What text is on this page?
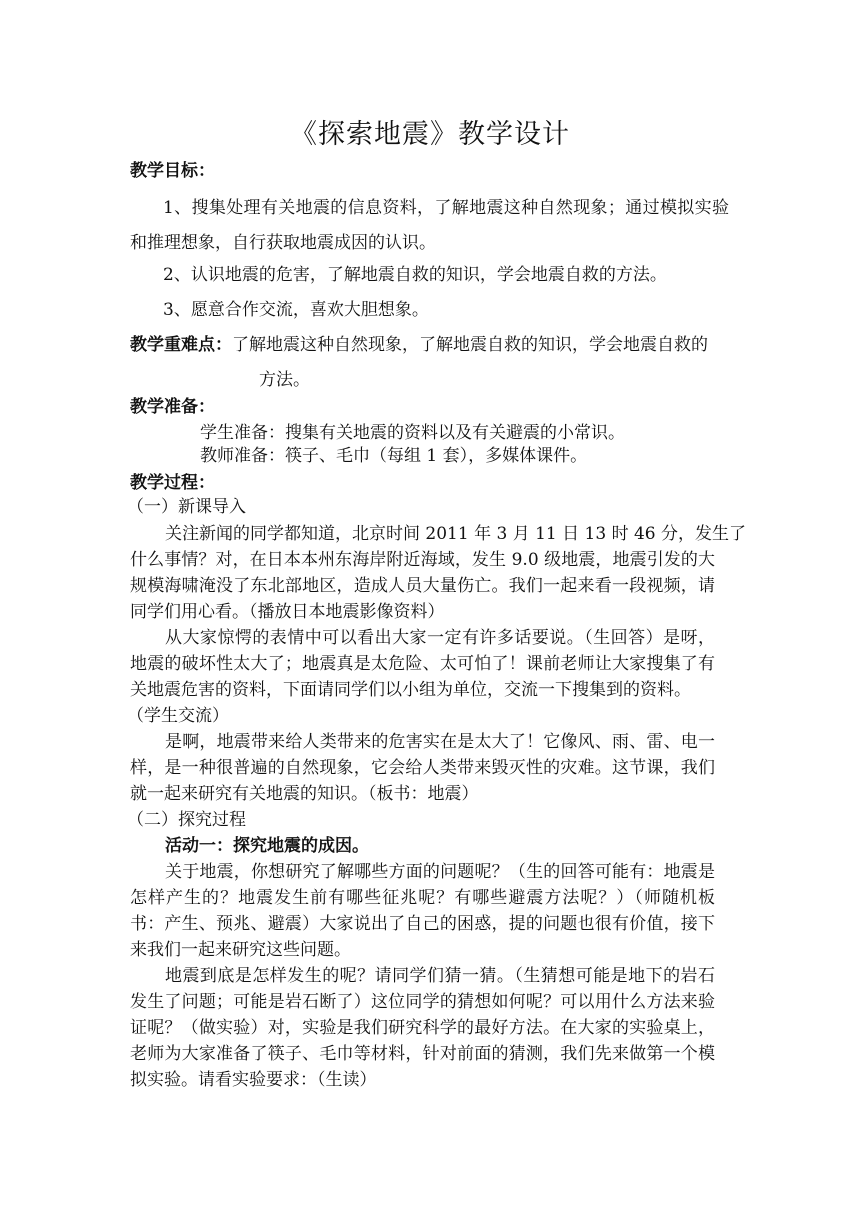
《探索地震》教学设计
教学目标：
1、搜集处理有关地震的信息资料，了解地震这种自然现象；通过模拟实验
和推理想象，自行获取地震成因的认识。
2、认识地震的危害，了解地震自救的知识，学会地震自救的方法。
3、愿意合作交流，喜欢大胆想象。
教学重难点：了解地震这种自然现象，了解地震自救的知识，学会地震自救的
方法。
教学准备：
学生准备：搜集有关地震的资料以及有关避震的小常识。
教师准备：筷子、毛巾（每组 1 套），多媒体课件。
教学过程：
（一）新课导入
关注新闻的同学都知道，北京时间 2011 年 3 月 11 日 13 时 46 分，发生了
什么事情？对，在日本本州东海岸附近海域，发生 9.0 级地震，地震引发的大
规模海啸淹没了东北部地区，造成人员大量伤亡。我们一起来看一段视频，请
同学们用心看。（播放日本地震影像资料）
从大家惊愕的表情中可以看出大家一定有许多话要说。（生回答）是呀，
地震的破坏性太大了；地震真是太危险、太可怕了！课前老师让大家搜集了有
关地震危害的资料，下面请同学们以小组为单位，交流一下搜集到的资料。
（学生交流）
是啊，地震带来给人类带来的危害实在是太大了！它像风、雨、雷、电一
样，是一种很普遍的自然现象，它会给人类带来毁灭性的灾难。这节课，我们
就一起来研究有关地震的知识。（板书：地震）
（二）探究过程
活动一：探究地震的成因。
关于地震，你想研究了解哪些方面的问题呢？（生的回答可能有：地震是
怎样产生的？地震发生前有哪些征兆呢？有哪些避震方法呢？）（师随机板
书：产生、预兆、避震）大家说出了自己的困惑，提的问题也很有价值，接下
来我们一起来研究这些问题。
地震到底是怎样发生的呢？请同学们猜一猜。（生猜想可能是地下的岩石
发生了问题；可能是岩石断了）这位同学的猜想如何呢？可以用什么方法来验
证呢？（做实验）对，实验是我们研究科学的最好方法。在大家的实验桌上，
老师为大家准备了筷子、毛巾等材料，针对前面的猜测，我们先来做第一个模
拟实验。请看实验要求：（生读）
